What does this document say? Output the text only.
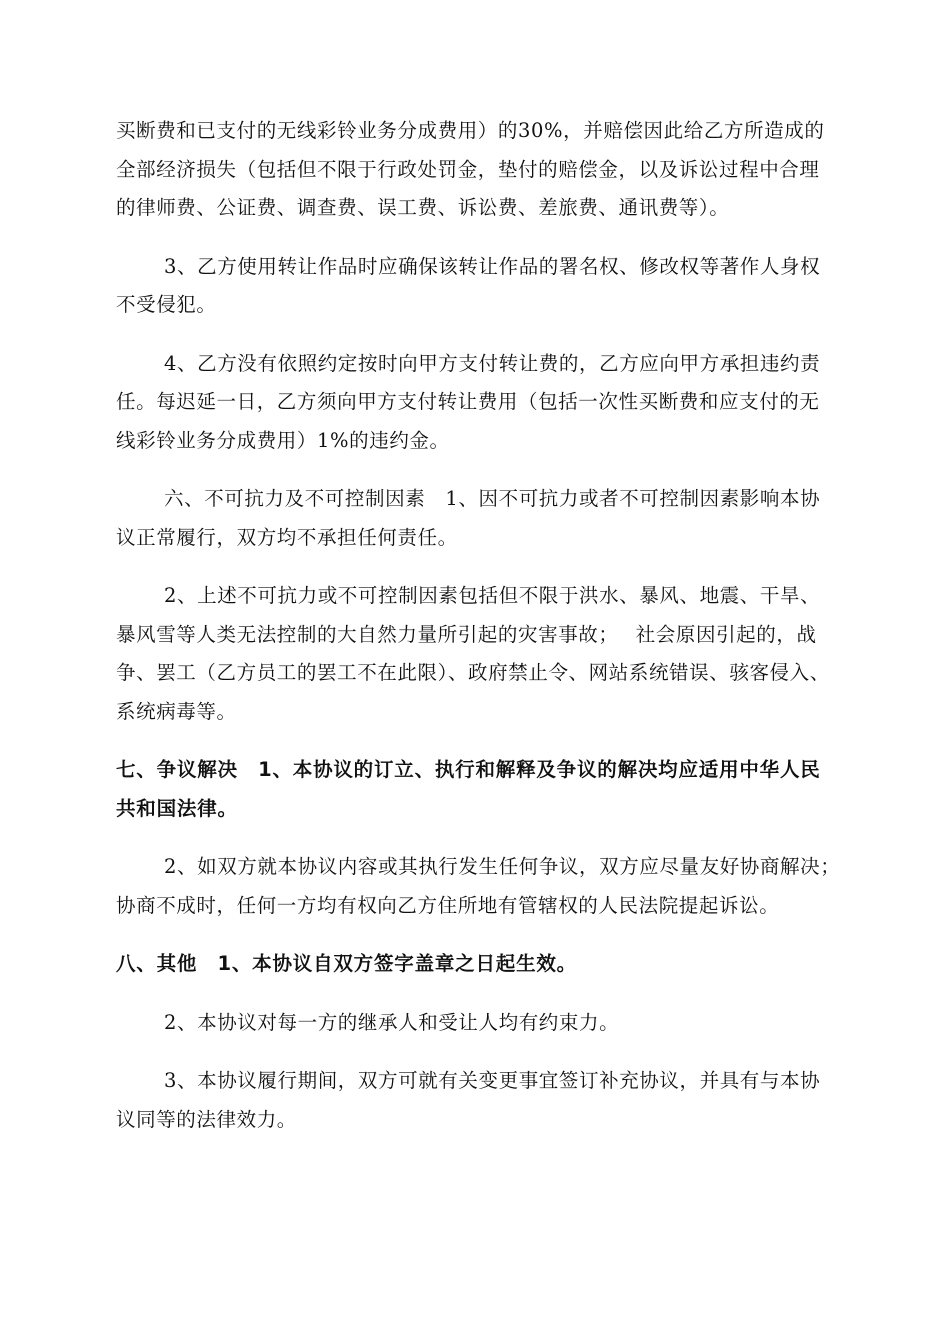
买断费和已支付的无线彩铃业务分成费用）的30%，并赔偿因此给乙方所造成的全部经济损失（包括但不限于行政处罚金，垫付的赔偿金，以及诉讼过程中合理的律师费、公证费、调查费、误工费、诉讼费、差旅费、通讯费等）。

3、乙方使用转让作品时应确保该转让作品的署名权、修改权等著作人身权不受侵犯。

4、乙方没有依照约定按时向甲方支付转让费的，乙方应向甲方承担违约责任。每迟延一日，乙方须向甲方支付转让费用（包括一次性买断费和应支付的无线彩铃业务分成费用）1%的违约金。

六、不可抗力及不可控制因素　1、因不可抗力或者不可控制因素影响本协议正常履行，双方均不承担任何责任。

2、上述不可抗力或不可控制因素包括但不限于洪水、暴风、地震、干旱、暴风雪等人类无法控制的大自然力量所引起的灾害事故；　 社会原因引起的，战争、罢工（乙方员工的罢工不在此限）、政府禁止令、网站系统错误、骇客侵入、系统病毒等。

七、争议解决　1、本协议的订立、执行和解释及争议的解决均应适用中华人民共和国法律。

2、如双方就本协议内容或其执行发生任何争议，双方应尽量友好协商解决；　 协商不成时，任何一方均有权向乙方住所地有管辖权的人民法院提起诉讼。

八、其他　1、本协议自双方签字盖章之日起生效。

2、本协议对每一方的继承人和受让人均有约束力。

3、本协议履行期间，双方可就有关变更事宜签订补充协议，并具有与本协议同等的法律效力。
